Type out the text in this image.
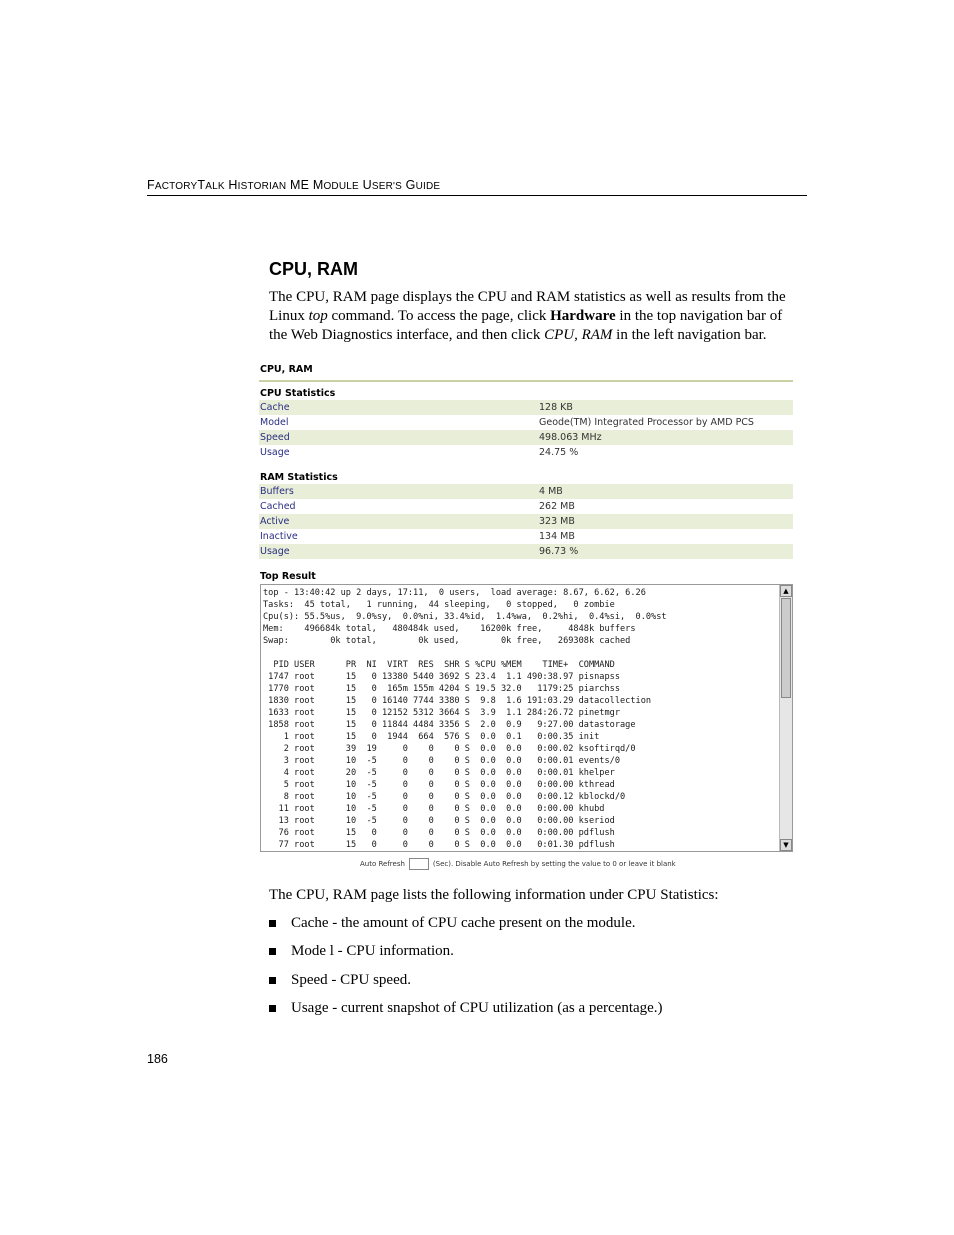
FACTORYTALK HISTORIAN ME MODULE USER'S GUIDE
CPU, RAM
The CPU, RAM page displays the CPU and RAM statistics as well as results from the Linux top command. To access the page, click Hardware in the top navigation bar of the Web Diagnostics interface, and then click CPU, RAM in the left navigation bar.
CPU, RAM
CPU Statistics
Cache	128 KB
Model	Geode(TM) Integrated Processor by AMD PCS
Speed	498.063 MHz
Usage	24.75 %
RAM Statistics
Buffers	4 MB
Cached	262 MB
Active	323 MB
Inactive	134 MB
Usage	96.73 %
Top Result
top - 13:40:42 up 2 days, 17:11,  0 users,  load average: 8.67, 6.62, 6.26
Tasks:  45 total,   1 running,  44 sleeping,   0 stopped,   0 zombie
Cpu(s): 55.5%us,  9.0%sy,  0.0%ni, 33.4%id,  1.4%wa,  0.2%hi,  0.4%si,  0.0%st
Mem:    496684k total,   480484k used,    16200k free,     4848k buffers
Swap:        0k total,        0k used,        0k free,   269308k cached

PID USER      PR  NI  VIRT  RES  SHR S %CPU %MEM    TIME+  COMMAND
1747 root      15   0 13380 5440 3692 S 23.4  1.1 490:38.97 pisnapss
1770 root      15   0  165m 155m 4204 S 19.5 32.0   1179:25 piarchss
1830 root      15   0 16140 7744 3380 S  9.8  1.6 191:03.29 datacollection
1633 root      15   0 12152 5312 3664 S  3.9  1.1 284:26.72 pinetmgr
1858 root      15   0 11844 4484 3356 S  2.0  0.9   9:27.00 datastorage
1 root      15   0  1944  664  576 S  0.0  0.1   0:00.35 init
2 root      39  19     0    0    0 S  0.0  0.0   0:00.02 ksoftirqd/0
3 root      10  -5     0    0    0 S  0.0  0.0   0:00.01 events/0
4 root      20  -5     0    0    0 S  0.0  0.0   0:00.01 khelper
5 root      10  -5     0    0    0 S  0.0  0.0   0:00.00 kthread
8 root      10  -5     0    0    0 S  0.0  0.0   0:00.12 kblockd/0
11 root      10  -5     0    0    0 S  0.0  0.0   0:00.00 khubd
13 root      10  -5     0    0    0 S  0.0  0.0   0:00.00 kseriod
76 root      15   0     0    0    0 S  0.0  0.0   0:00.00 pdflush
77 root      15   0     0    0    0 S  0.0  0.0   0:01.30 pdflush
▲
▼
Auto Refresh	(Sec). Disable Auto Refresh by setting the value to 0 or leave it blank
The CPU, RAM page lists the following information under CPU Statistics:
Cache - the amount of CPU cache present on the module.
Mode l - CPU information.
Speed - CPU speed.
Usage - current snapshot of CPU utilization (as a percentage.)
186
